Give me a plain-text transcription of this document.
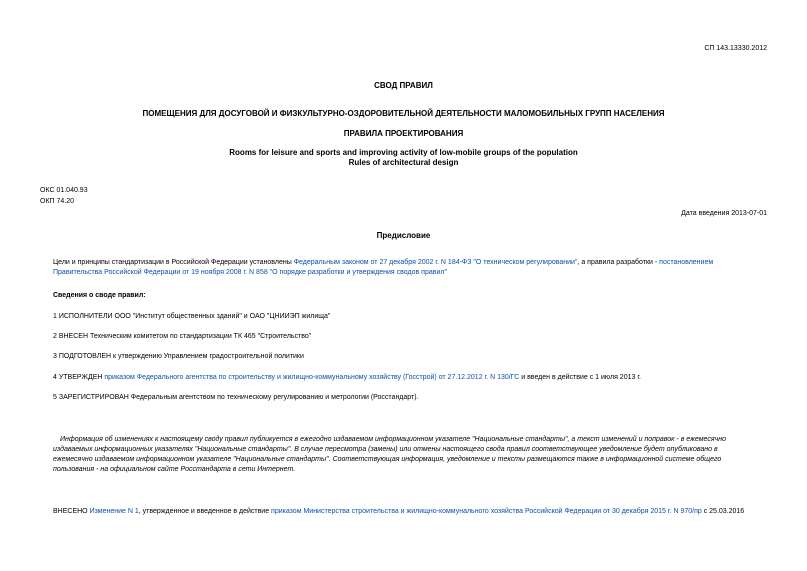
СП 143.13330.2012
СВОД ПРАВИЛ
ПОМЕЩЕНИЯ ДЛЯ ДОСУГОВОЙ И ФИЗКУЛЬТУРНО-ОЗДОРОВИТЕЛЬНОЙ ДЕЯТЕЛЬНОСТИ МАЛОМОБИЛЬНЫХ ГРУПП НАСЕЛЕНИЯ
ПРАВИЛА ПРОЕКТИРОВАНИЯ
Rooms for leisure and sports and improving activity of low-mobile groups of the population
Rules of architectural design
ОКС 01.040.93
ОКП 74.20
Дата введения 2013-07-01
Предисловие
Цели и принципы стандартизации в Российской Федерации установлены Федеральным законом от 27 декабря 2002 г. N 184-ФЗ "О техническом регулировании", а правила разработки - постановлением
Правительства Российской Федерации от 19 ноября 2008 г. N 858 "О порядке разработки и утверждения сводов правил"
Сведения о своде правил:
1 ИСПОЛНИТЕЛИ ООО "Институт общественных зданий" и ОАО "ЦНИИЭП жилища"
2 ВНЕСЕН Техническим комитетом по стандартизации ТК 465 "Строительство"
3 ПОДГОТОВЛЕН к утверждению Управлением градостроительной политики
4 УТВЕРЖДЕН приказом Федерального агентства по строительству и жилищно-коммунальному хозяйству (Госстрой) от 27.12.2012 г. N 130/ГС и введен в действие с 1 июля 2013 г.
5 ЗАРЕГИСТРИРОВАН Федеральным агентством по техническому регулированию и метрологии (Росстандарт).
Информация об изменениях к настоящему своду правил публикуется в ежегодно издаваемом информационном указателе "Национальные стандарты", а текст изменений и поправок - в ежемесячно
издаваемых информационных указателях "Национальные стандарты". В случае пересмотра (замены) или отмены настоящего свода правил соответствующее уведомление будет опубликовано в
ежемесячно издаваемом информационном указателе "Национальные стандарты". Соответствующая информация, уведомление и тексты размещаются также в информационной системе общего
пользования - на официальном сайте Росстандарта в сети Интернет.
ВНЕСЕНО Изменение N 1, утвержденное и введенное в действие приказом Министерства строительства и жилищно-коммунального хозяйства Российской Федерации от 30 декабря 2015 г. N 970/пр с 25.03.2016
